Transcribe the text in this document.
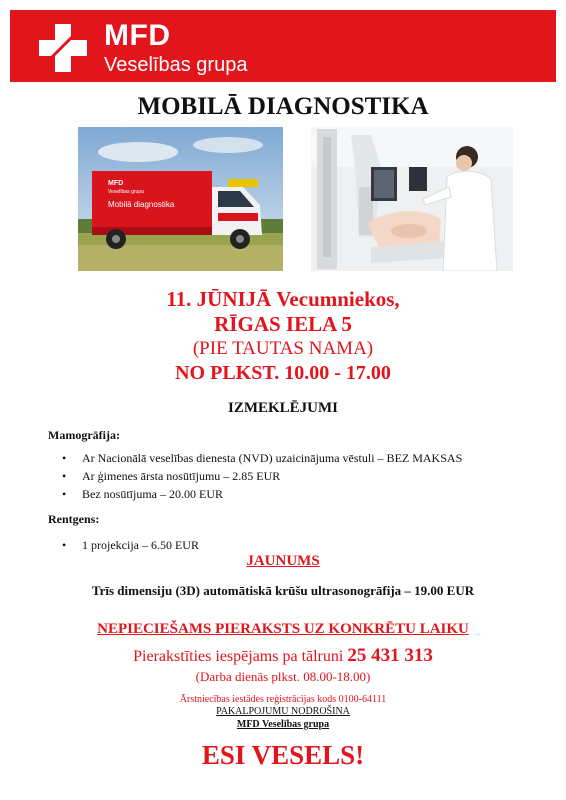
MFD
Veselības grupa
MOBILĀ DIAGNOSTIKA
MFD
Veselības grupa
Mobilā diagnostika
11. JŪNIJĀ Vecumniekos,
RĪGAS IELA 5
(PIE TAUTAS NAMA)
NO PLKST. 10.00 - 17.00
IZMEKLĒJUMI
Mamogrāfija:
• Ar Nacionālā veselības dienesta (NVD) uzaicinājuma vēstuli – BEZ MAKSAS
• Ar ģimenes ārsta nosūtījumu – 2.85 EUR
• Bez nosūtījuma – 20.00 EUR
Rentgens:
• 1 projekcija – 6.50 EUR
JAUNUMS
Trīs dimensiju (3D) automātiskā krūšu ultrasonogrāfija – 19.00 EUR
NEPIECIEŠAMS PIERAKSTS UZ KONKRĒTU LAIKU
Pierakstīties iespējams pa tālruni 25 431 313
(Darba dienās plkst. 08.00-18.00)
Ārstniecības iestādes reģistrācijas kods 0100-64111
PAKALPOJUMU NODROŠINA
MFD Veselības grupa
ESI VESELS!
